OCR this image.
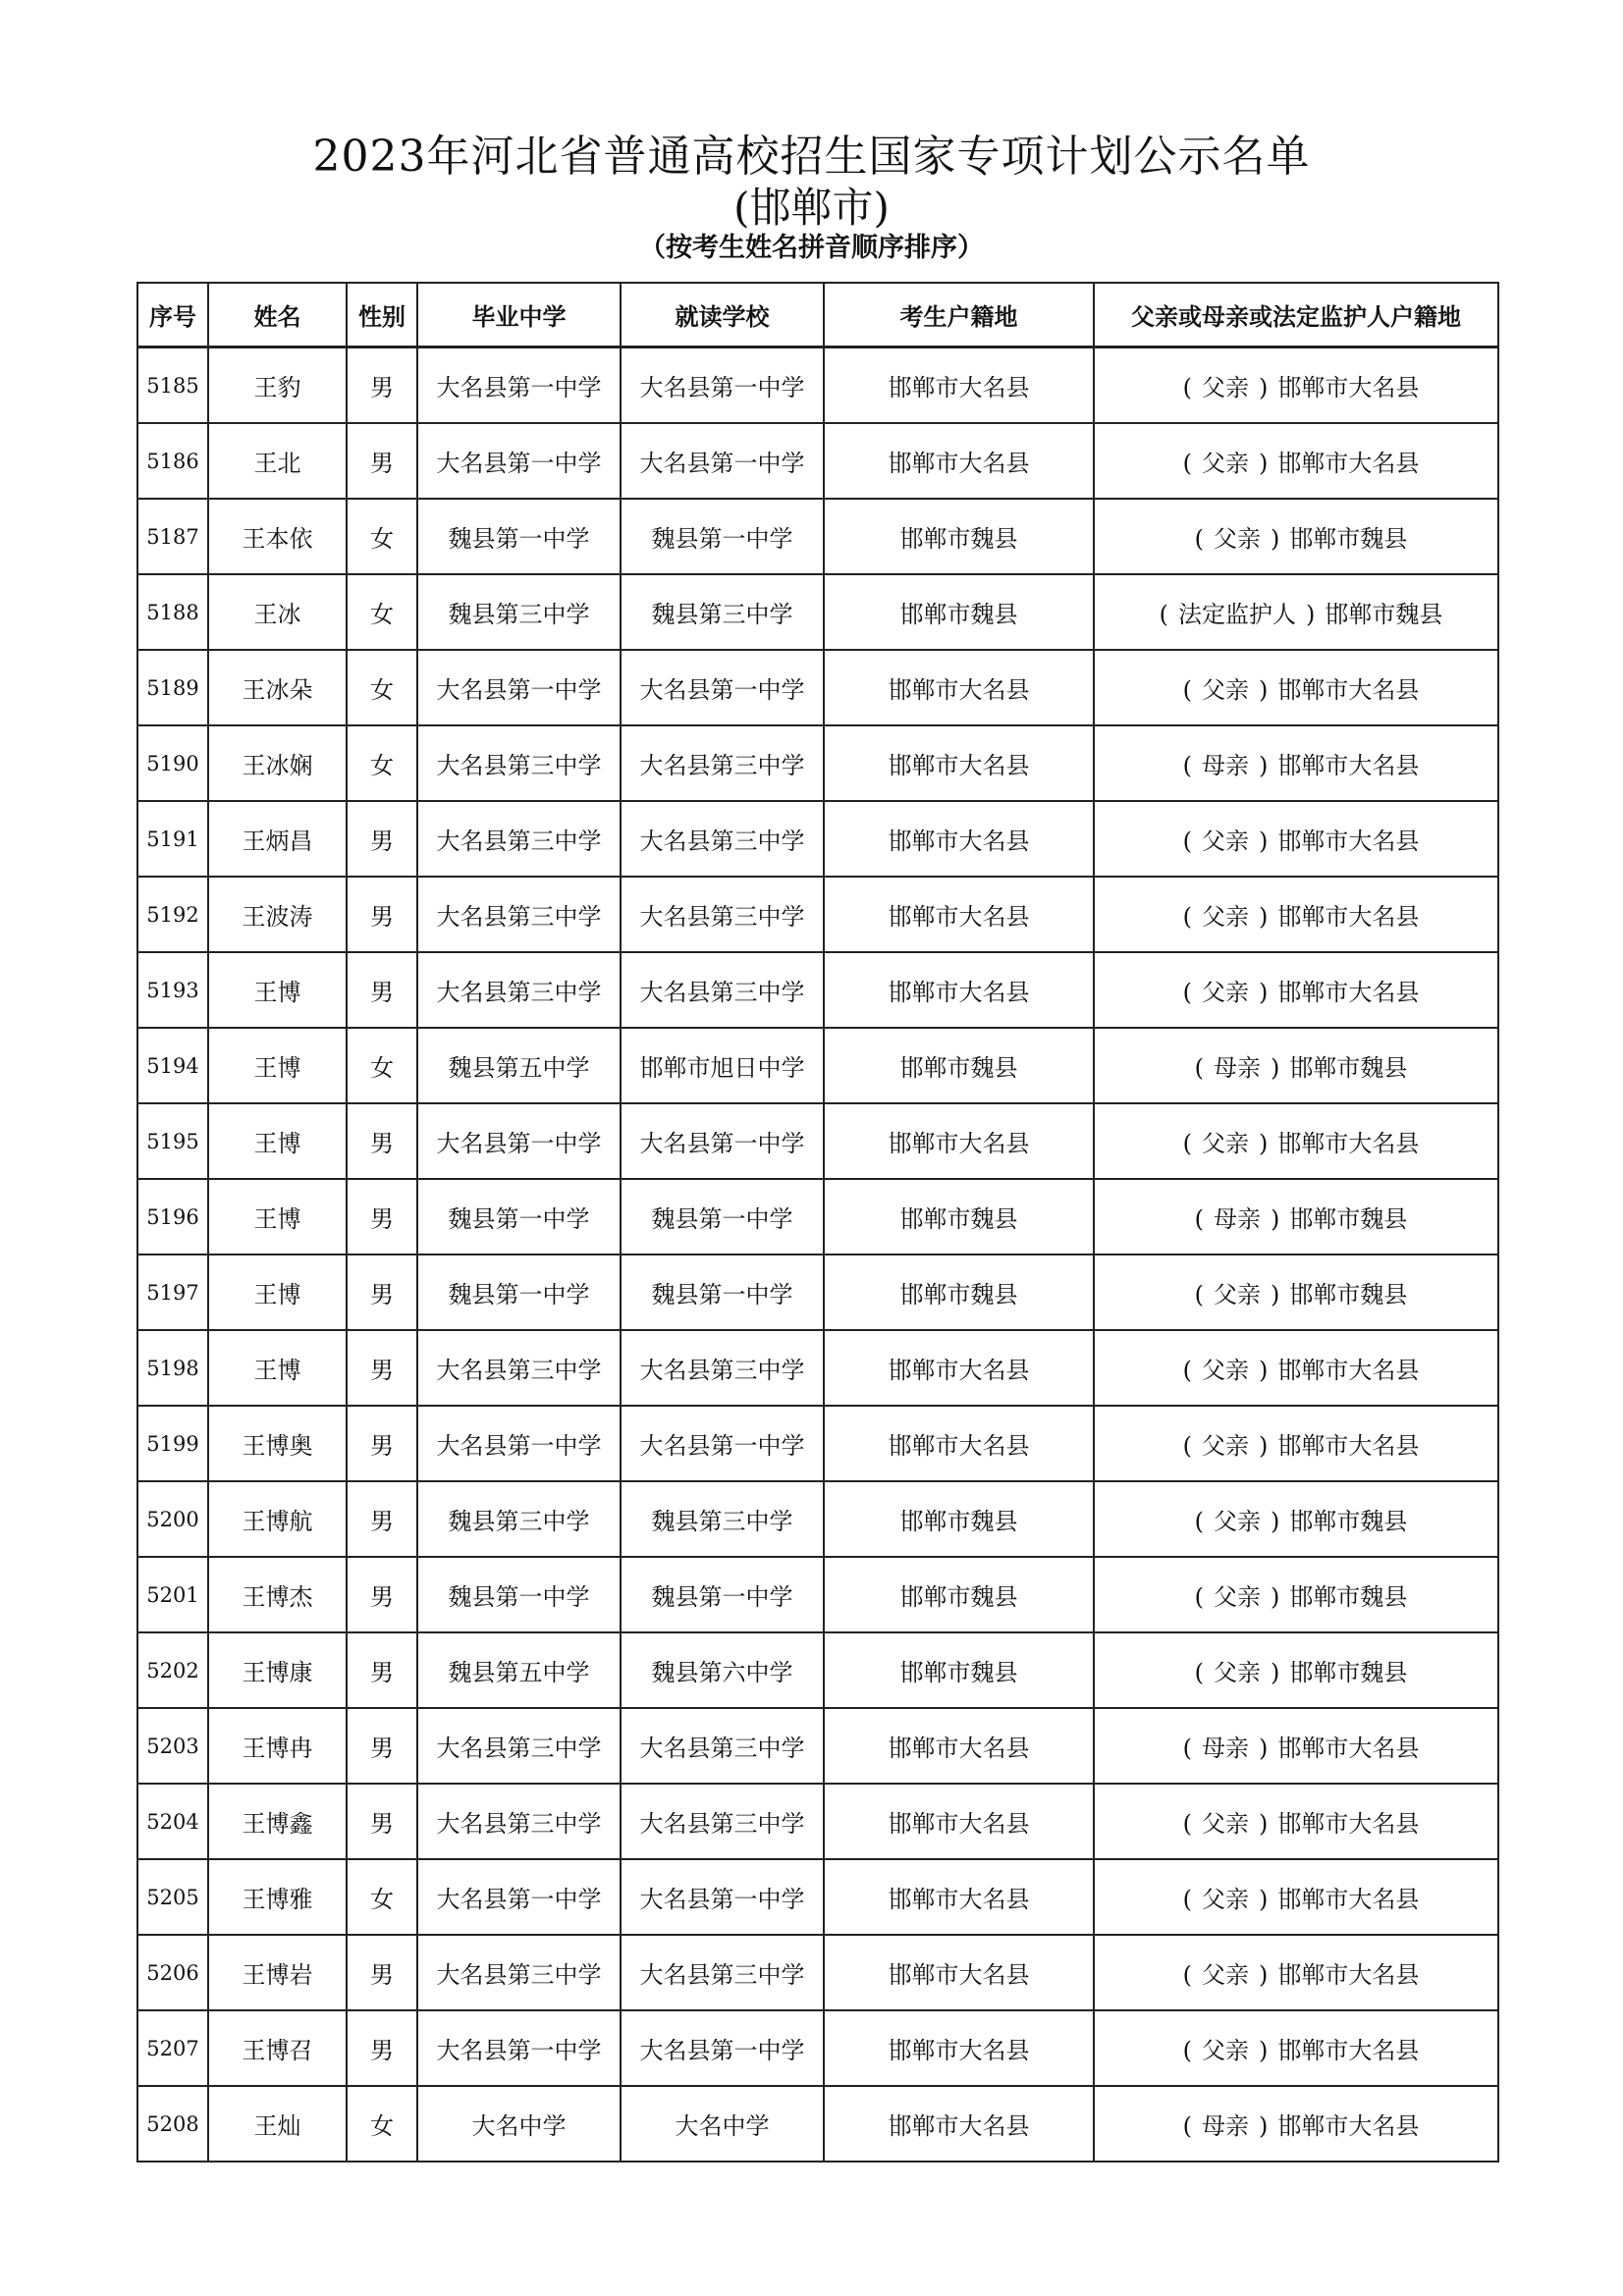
2023年河北省普通高校招生国家专项计划公示名单
(邯郸市)
（按考生姓名拼音顺序排序）
序号	姓名	性别	毕业中学	就读学校	考生户籍地	父亲或母亲或法定监护人户籍地
5185	王豹	男	大名县第一中学	大名县第一中学	邯郸市大名县	( 父亲 ) 邯郸市大名县
5186	王北	男	大名县第一中学	大名县第一中学	邯郸市大名县	( 父亲 ) 邯郸市大名县
5187	王本依	女	魏县第一中学	魏县第一中学	邯郸市魏县	( 父亲 ) 邯郸市魏县
5188	王冰	女	魏县第三中学	魏县第三中学	邯郸市魏县	( 法定监护人 ) 邯郸市魏县
5189	王冰朵	女	大名县第一中学	大名县第一中学	邯郸市大名县	( 父亲 ) 邯郸市大名县
5190	王冰娴	女	大名县第三中学	大名县第三中学	邯郸市大名县	( 母亲 ) 邯郸市大名县
5191	王炳昌	男	大名县第三中学	大名县第三中学	邯郸市大名县	( 父亲 ) 邯郸市大名县
5192	王波涛	男	大名县第三中学	大名县第三中学	邯郸市大名县	( 父亲 ) 邯郸市大名县
5193	王博	男	大名县第三中学	大名县第三中学	邯郸市大名县	( 父亲 ) 邯郸市大名县
5194	王博	女	魏县第五中学	邯郸市旭日中学	邯郸市魏县	( 母亲 ) 邯郸市魏县
5195	王博	男	大名县第一中学	大名县第一中学	邯郸市大名县	( 父亲 ) 邯郸市大名县
5196	王博	男	魏县第一中学	魏县第一中学	邯郸市魏县	( 母亲 ) 邯郸市魏县
5197	王博	男	魏县第一中学	魏县第一中学	邯郸市魏县	( 父亲 ) 邯郸市魏县
5198	王博	男	大名县第三中学	大名县第三中学	邯郸市大名县	( 父亲 ) 邯郸市大名县
5199	王博奥	男	大名县第一中学	大名县第一中学	邯郸市大名县	( 父亲 ) 邯郸市大名县
5200	王博航	男	魏县第三中学	魏县第三中学	邯郸市魏县	( 父亲 ) 邯郸市魏县
5201	王博杰	男	魏县第一中学	魏县第一中学	邯郸市魏县	( 父亲 ) 邯郸市魏县
5202	王博康	男	魏县第五中学	魏县第六中学	邯郸市魏县	( 父亲 ) 邯郸市魏县
5203	王博冉	男	大名县第三中学	大名县第三中学	邯郸市大名县	( 母亲 ) 邯郸市大名县
5204	王博鑫	男	大名县第三中学	大名县第三中学	邯郸市大名县	( 父亲 ) 邯郸市大名县
5205	王博雅	女	大名县第一中学	大名县第一中学	邯郸市大名县	( 父亲 ) 邯郸市大名县
5206	王博岩	男	大名县第三中学	大名县第三中学	邯郸市大名县	( 父亲 ) 邯郸市大名县
5207	王博召	男	大名县第一中学	大名县第一中学	邯郸市大名县	( 父亲 ) 邯郸市大名县
5208	王灿	女	大名中学	大名中学	邯郸市大名县	( 母亲 ) 邯郸市大名县
